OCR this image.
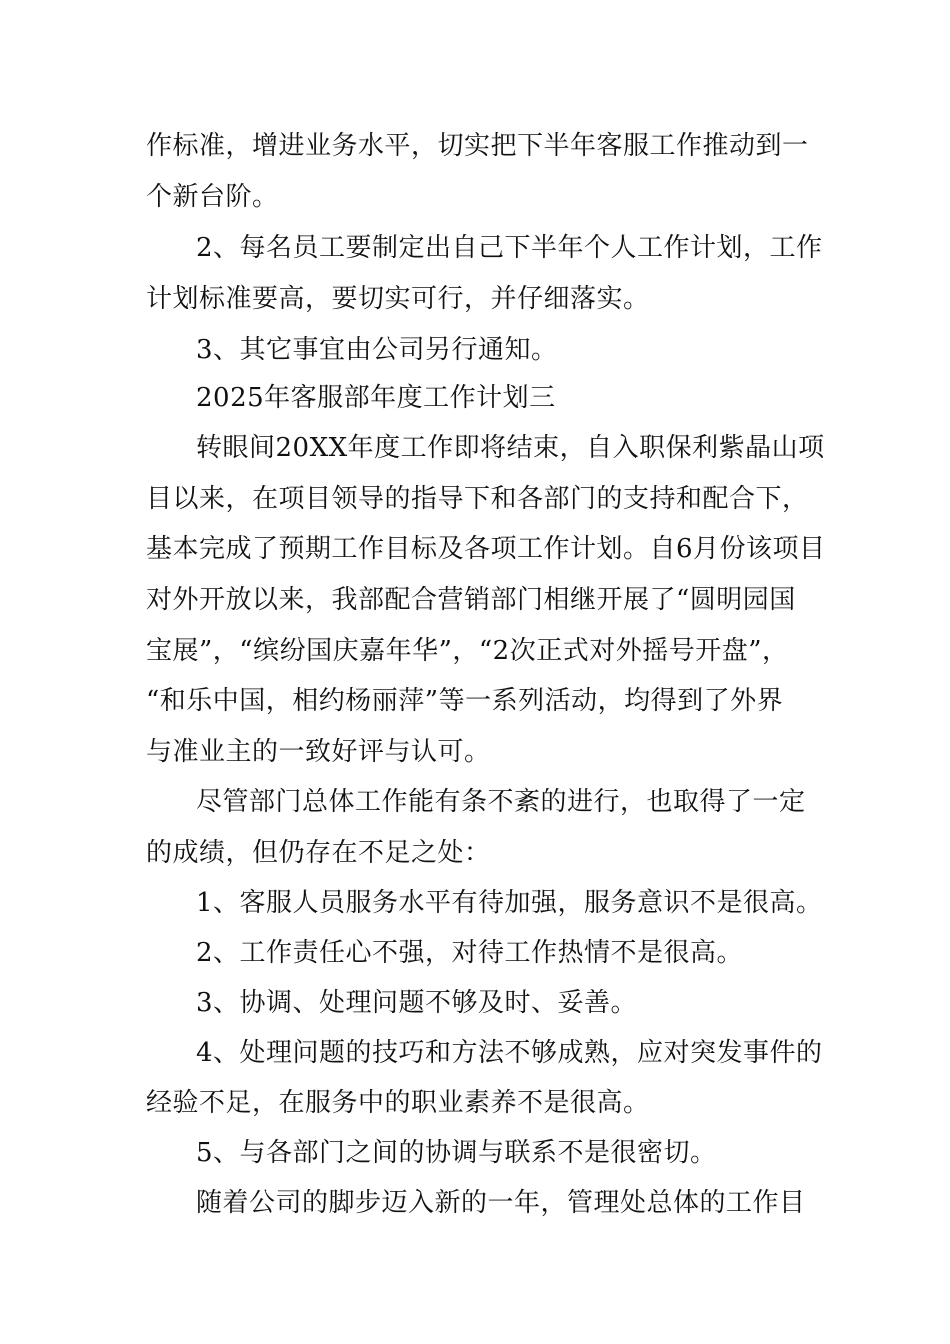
作标准，增进业务水平，切实把下半年客服工作推动到一
个新台阶。
2、每名员工要制定出自己下半年个人工作计划，工作
计划标准要高，要切实可行，并仔细落实。
3、其它事宜由公司另行通知。
2025年客服部年度工作计划三
转眼间20XX年度工作即将结束，自入职保利紫晶山项
目以来，在项目领导的指导下和各部门的支持和配合下，
基本完成了预期工作目标及各项工作计划。自6月份该项目
对外开放以来，我部配合营销部门相继开展了“圆明园国
宝展”，“缤纷国庆嘉年华”，“2次正式对外摇号开盘”，
“和乐中国，相约杨丽萍”等一系列活动，均得到了外界
与准业主的一致好评与认可。
尽管部门总体工作能有条不紊的进行，也取得了一定
的成绩，但仍存在不足之处：
1、客服人员服务水平有待加强，服务意识不是很高。
2、工作责任心不强，对待工作热情不是很高。
3、协调、处理问题不够及时、妥善。
4、处理问题的技巧和方法不够成熟，应对突发事件的
经验不足，在服务中的职业素养不是很高。
5、与各部门之间的协调与联系不是很密切。
随着公司的脚步迈入新的一年，管理处总体的工作目
